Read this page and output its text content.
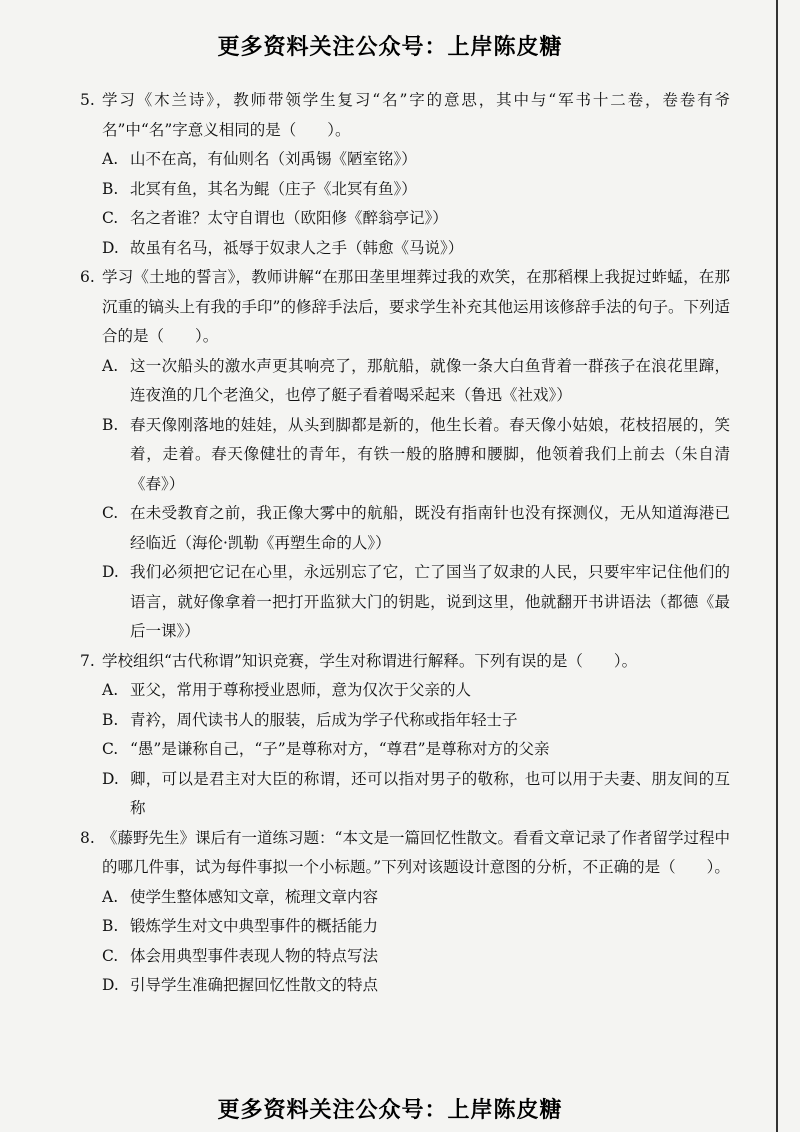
更多资料关注公众号：上岸陈皮糖
5. 学习《木兰诗》，教师带领学生复习“名”字的意思，其中与“军书十二卷，卷卷有爷名”中“名”字意义相同的是（　　）。
A. 山不在高，有仙则名（刘禹锡《陋室铭》）
B. 北冥有鱼，其名为鲲（庄子《北冥有鱼》）
C. 名之者谁？太守自谓也（欧阳修《醉翁亭记》）
D. 故虽有名马，祗辱于奴隶人之手（韩愈《马说》）
6. 学习《土地的誓言》，教师讲解“在那田垄里埋葬过我的欢笑，在那稻棵上我捉过蚱蜢，在那沉重的镐头上有我的手印”的修辞手法后，要求学生补充其他运用该修辞手法的句子。下列适合的是（　　）。
A. 这一次船头的激水声更其响亮了，那航船，就像一条大白鱼背着一群孩子在浪花里蹿，连夜渔的几个老渔父，也停了艇子看着喝采起来（鲁迅《社戏》）
B. 春天像刚落地的娃娃，从头到脚都是新的，他生长着。春天像小姑娘，花枝招展的，笑着，走着。春天像健壮的青年，有铁一般的胳膊和腰脚，他领着我们上前去（朱自清《春》）
C. 在未受教育之前，我正像大雾中的航船，既没有指南针也没有探测仪，无从知道海港已经临近（海伦·凯勒《再塑生命的人》）
D. 我们必须把它记在心里，永远别忘了它，亡了国当了奴隶的人民，只要牢牢记住他们的语言，就好像拿着一把打开监狱大门的钥匙，说到这里，他就翻开书讲语法（都德《最后一课》）
7. 学校组织“古代称谓”知识竞赛，学生对称谓进行解释。下列有误的是（　　）。
A. 亚父，常用于尊称授业恩师，意为仅次于父亲的人
B. 青衿，周代读书人的服装，后成为学子代称或指年轻士子
C. “愚”是谦称自己，“子”是尊称对方，“尊君”是尊称对方的父亲
D. 卿，可以是君主对大臣的称谓，还可以指对男子的敬称，也可以用于夫妻、朋友间的互称
8. 《藤野先生》课后有一道练习题：“本文是一篇回忆性散文。看看文章记录了作者留学过程中的哪几件事，试为每件事拟一个小标题。”下列对该题设计意图的分析，不正确的是（　　）。
A. 使学生整体感知文章，梳理文章内容
B. 锻炼学生对文中典型事件的概括能力
C. 体会用典型事件表现人物的特点写法
D. 引导学生准确把握回忆性散文的特点
更多资料关注公众号：上岸陈皮糖
